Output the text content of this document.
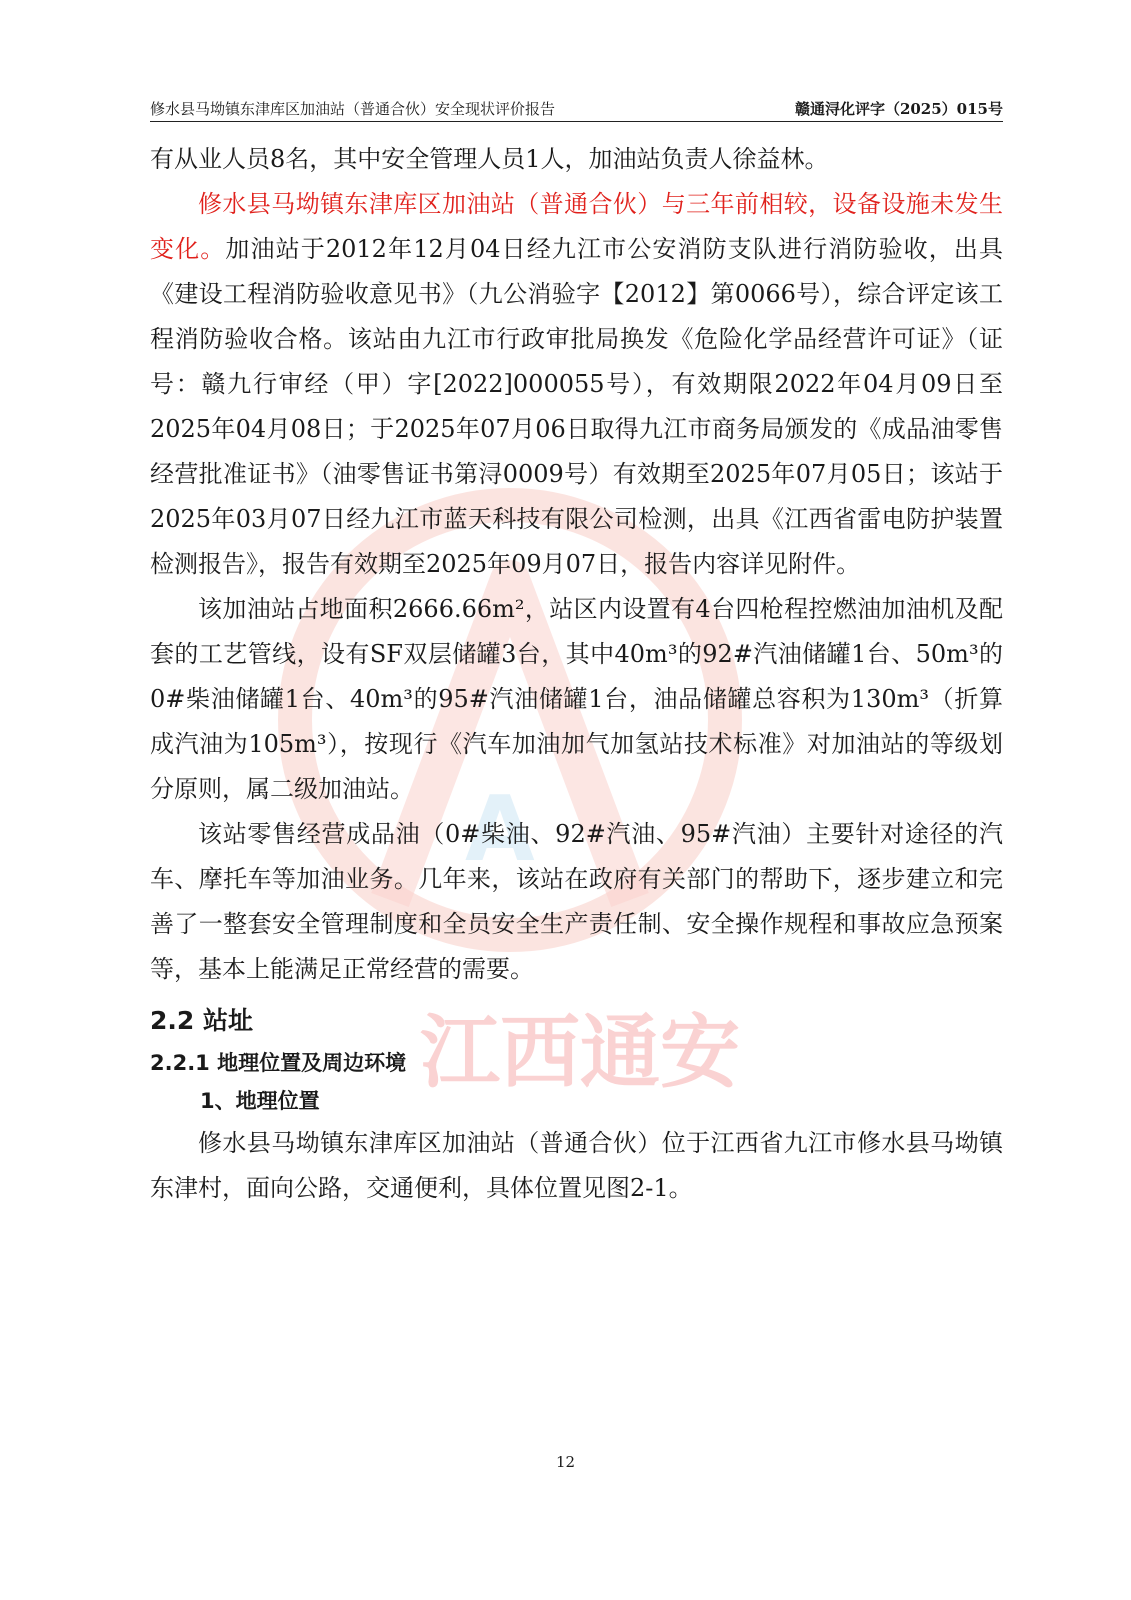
修水县马坳镇东津库区加油站（普通合伙）安全现状评价报告	赣通浔化评字（2025）015号
A
江西通安

有从业人员8名，其中安全管理人员1人，加油站负责人徐益林。

修水县马坳镇东津库区加油站（普通合伙）与三年前相较，设备设施未发生变化。加油站于2012年12月04日经九江市公安消防支队进行消防验收，出具《建设工程消防验收意见书》（九公消验字【2012】第0066号），综合评定该工程消防验收合格。该站由九江市行政审批局换发《危险化学品经营许可证》（证号：赣九行审经（甲）字[2022]000055号），有效期限2022年04月09日至2025年04月08日；于2025年07月06日取得九江市商务局颁发的《成品油零售经营批准证书》（油零售证书第浔0009号）有效期至2025年07月05日；该站于2025年03月07日经九江市蓝天科技有限公司检测，出具《江西省雷电防护装置检测报告》，报告有效期至2025年09月07日，报告内容详见附件。

该加油站占地面积2666.66m²，站区内设置有4台四枪程控燃油加油机及配套的工艺管线，设有SF双层储罐3台，其中40m³的92#汽油储罐1台、50m³的0#柴油储罐1台、40m³的95#汽油储罐1台，油品储罐总容积为130m³（折算成汽油为105m³），按现行《汽车加油加气加氢站技术标准》对加油站的等级划分原则，属二级加油站。

该站零售经营成品油（0#柴油、92#汽油、95#汽油）主要针对途径的汽车、摩托车等加油业务。几年来，该站在政府有关部门的帮助下，逐步建立和完善了一整套安全管理制度和全员安全生产责任制、安全操作规程和事故应急预案等，基本上能满足正常经营的需要。

2.2 站址

2.2.1 地理位置及周边环境

1、地理位置

修水县马坳镇东津库区加油站（普通合伙）位于江西省九江市修水县马坳镇东津村，面向公路，交通便利，具体位置见图2-1。

12
